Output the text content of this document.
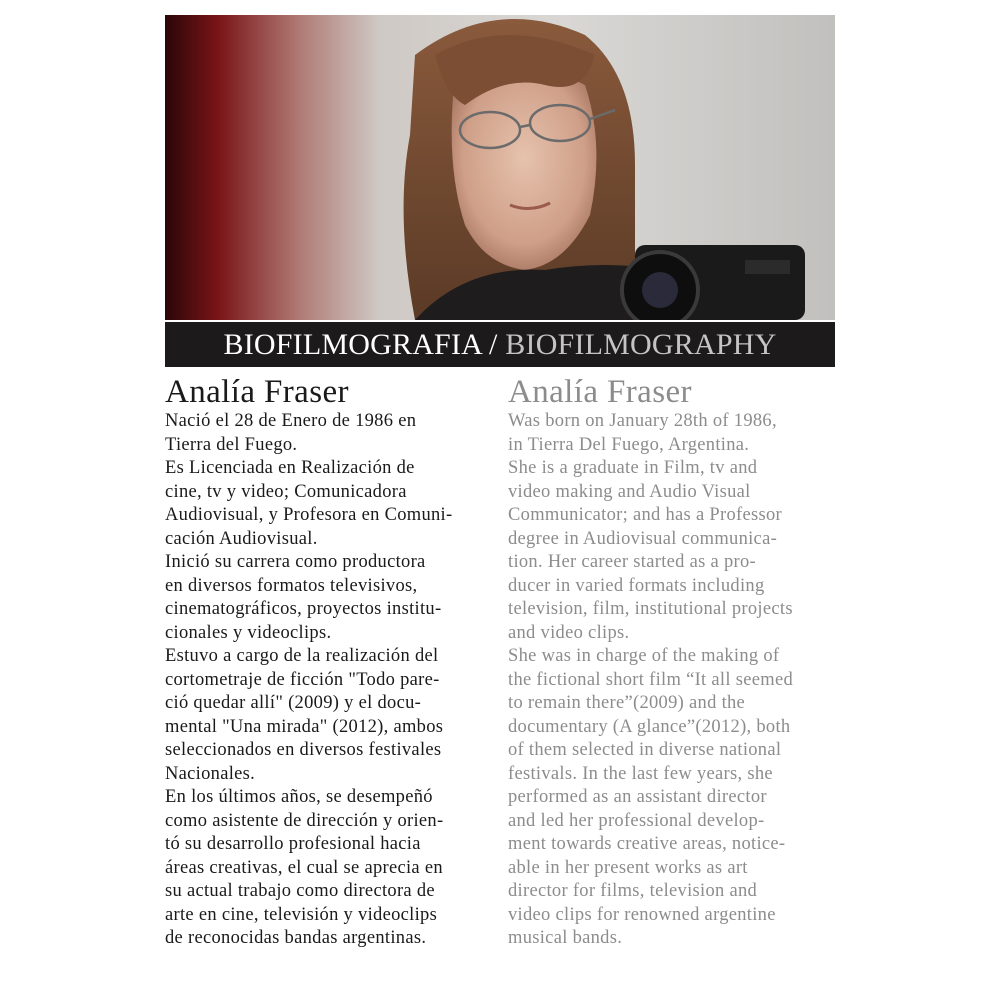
BIOFILMOGRAFIA / BIOFILMOGRAPHY
Analía Fraser
Nació el 28 de Enero de 1986 en
Tierra del Fuego.
Es Licenciada en Realización de
cine, tv y video; Comunicadora
Audiovisual, y Profesora en Comuni-
cación Audiovisual.
Inició su carrera como productora
en diversos formatos televisivos,
cinematográficos, proyectos institu-
cionales y videoclips.
Estuvo a cargo de la realización del
cortometraje de ficción "Todo pare-
ció quedar allí" (2009) y el docu-
mental "Una mirada" (2012), ambos
seleccionados en diversos festivales
Nacionales.
En los últimos años, se desempeñó
como asistente de dirección y orien-
tó su desarrollo profesional hacia
áreas creativas, el cual se aprecia en
su actual trabajo como directora de
arte en cine, televisión y videoclips
de reconocidas bandas argentinas.
Analía Fraser
Was born on January 28th of 1986,
in Tierra Del Fuego, Argentina.
She is a graduate in Film, tv and
video making and Audio Visual
Communicator; and has a Professor
degree in Audiovisual communica-
tion. Her career started as a pro-
ducer in varied formats including
television, film, institutional projects
and video clips.
She was in charge of the making of
the fictional short film “It all seemed
to remain there”(2009) and the
documentary (A glance”(2012), both
of them selected in diverse national
festivals. In the last few years, she
performed as an assistant director
and led her professional develop-
ment towards creative areas, notice-
able in her present works as art
director for films, television and
video clips for renowned argentine
musical bands.
